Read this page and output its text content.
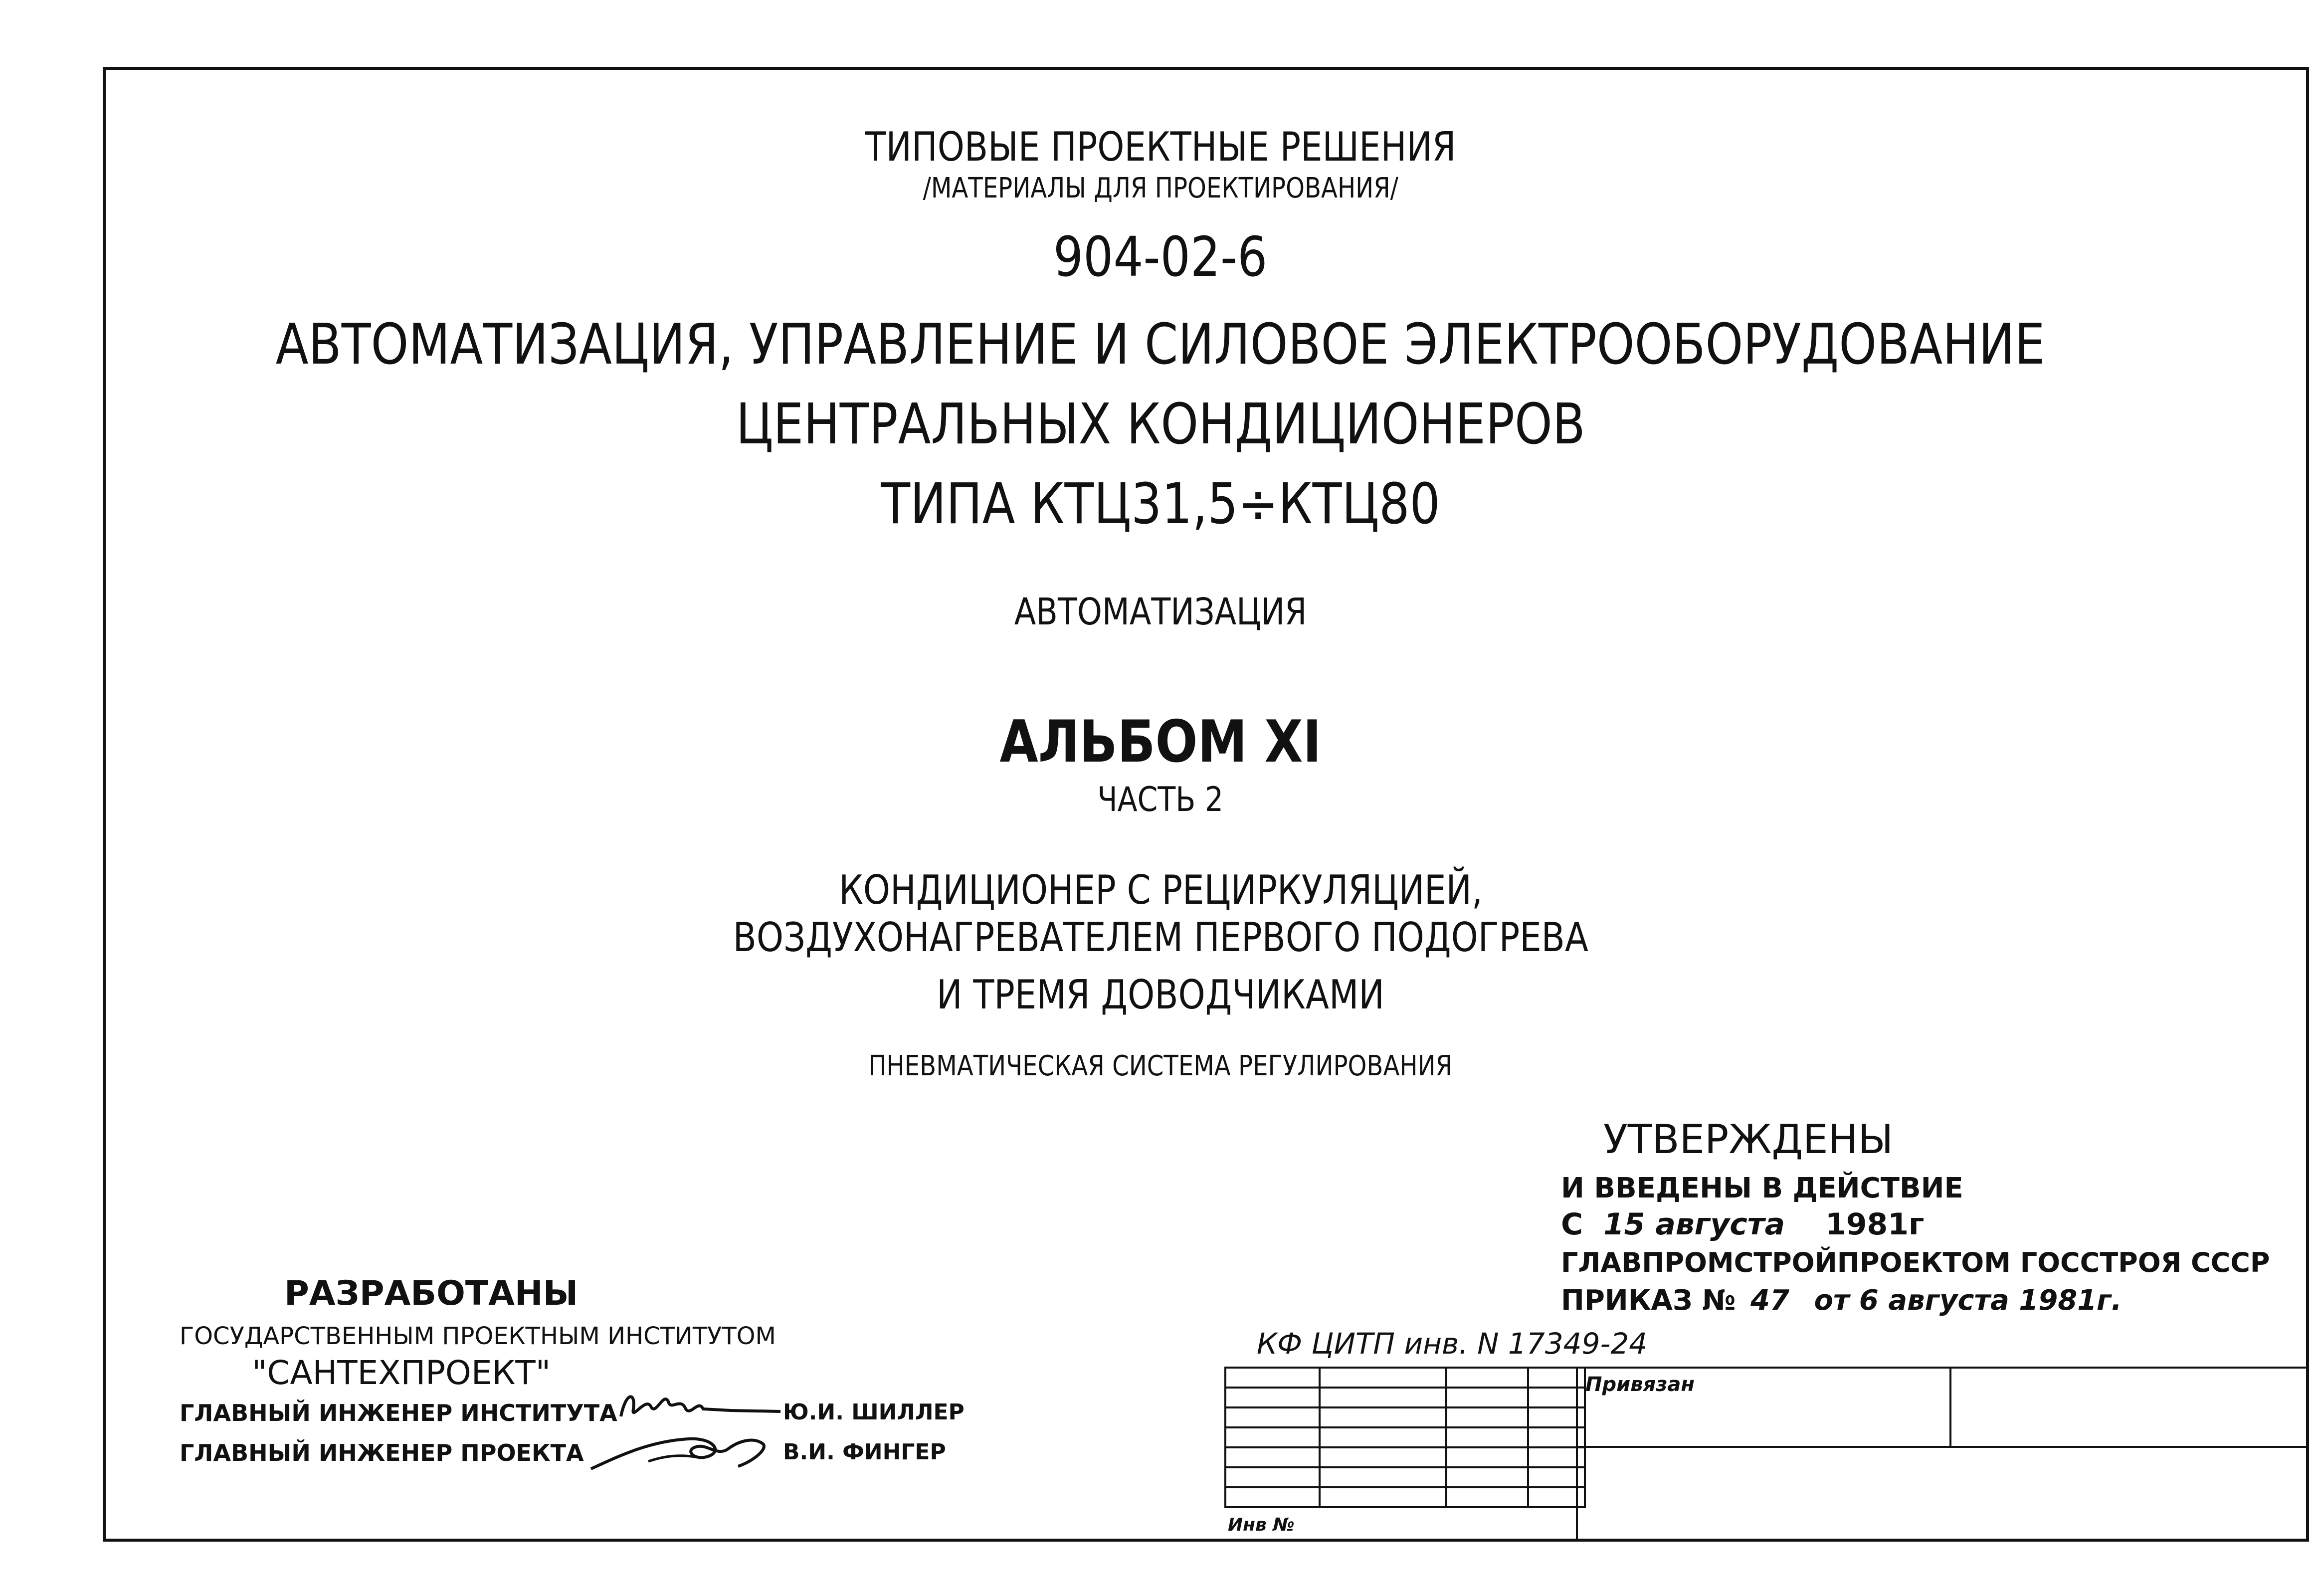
ТИПОВЫЕ ПРОЕКТНЫЕ РЕШЕНИЯ
/МАТЕРИАЛЫ ДЛЯ ПРОЕКТИРОВАНИЯ/
904-02-6
АВТОМАТИЗАЦИЯ, УПРАВЛЕНИЕ И СИЛОВОЕ ЭЛЕКТРООБОРУДОВАНИЕ
ЦЕНТРАЛЬНЫХ КОНДИЦИОНЕРОВ
ТИПА КТЦ31,5÷КТЦ80
АВТОМАТИЗАЦИЯ
АЛЬБОМ XI
ЧАСТЬ 2
КОНДИЦИОНЕР С РЕЦИРКУЛЯЦИЕЙ,
ВОЗДУХОНАГРЕВАТЕЛЕМ ПЕРВОГО ПОДОГРЕВА
И ТРЕМЯ ДОВОДЧИКАМИ
ПНЕВМАТИЧЕСКАЯ СИСТЕМА РЕГУЛИРОВАНИЯ
УТВЕРЖДЕНЫ
И ВВЕДЕНЫ В ДЕЙСТВИЕ
С 15 августа 1981г
ГЛАВПРОМСТРОЙПРОЕКТОМ ГОССТРОЯ СССР
ПРИКАЗ № 47 от 6 августа 1981г.
РАЗРАБОТАНЫ
ГОСУДАРСТВЕННЫМ ПРОЕКТНЫМ ИНСТИТУТОМ
"САНТЕХПРОЕКТ"
ГЛАВНЫЙ ИНЖЕНЕР ИНСТИТУТА	Ю.И. ШИЛЛЕР
ГЛАВНЫЙ ИНЖЕНЕР ПРОЕКТА	В.И. ФИНГЕР
КФ ЦИТП инв. N 17349-24

Привязан
Инв №
